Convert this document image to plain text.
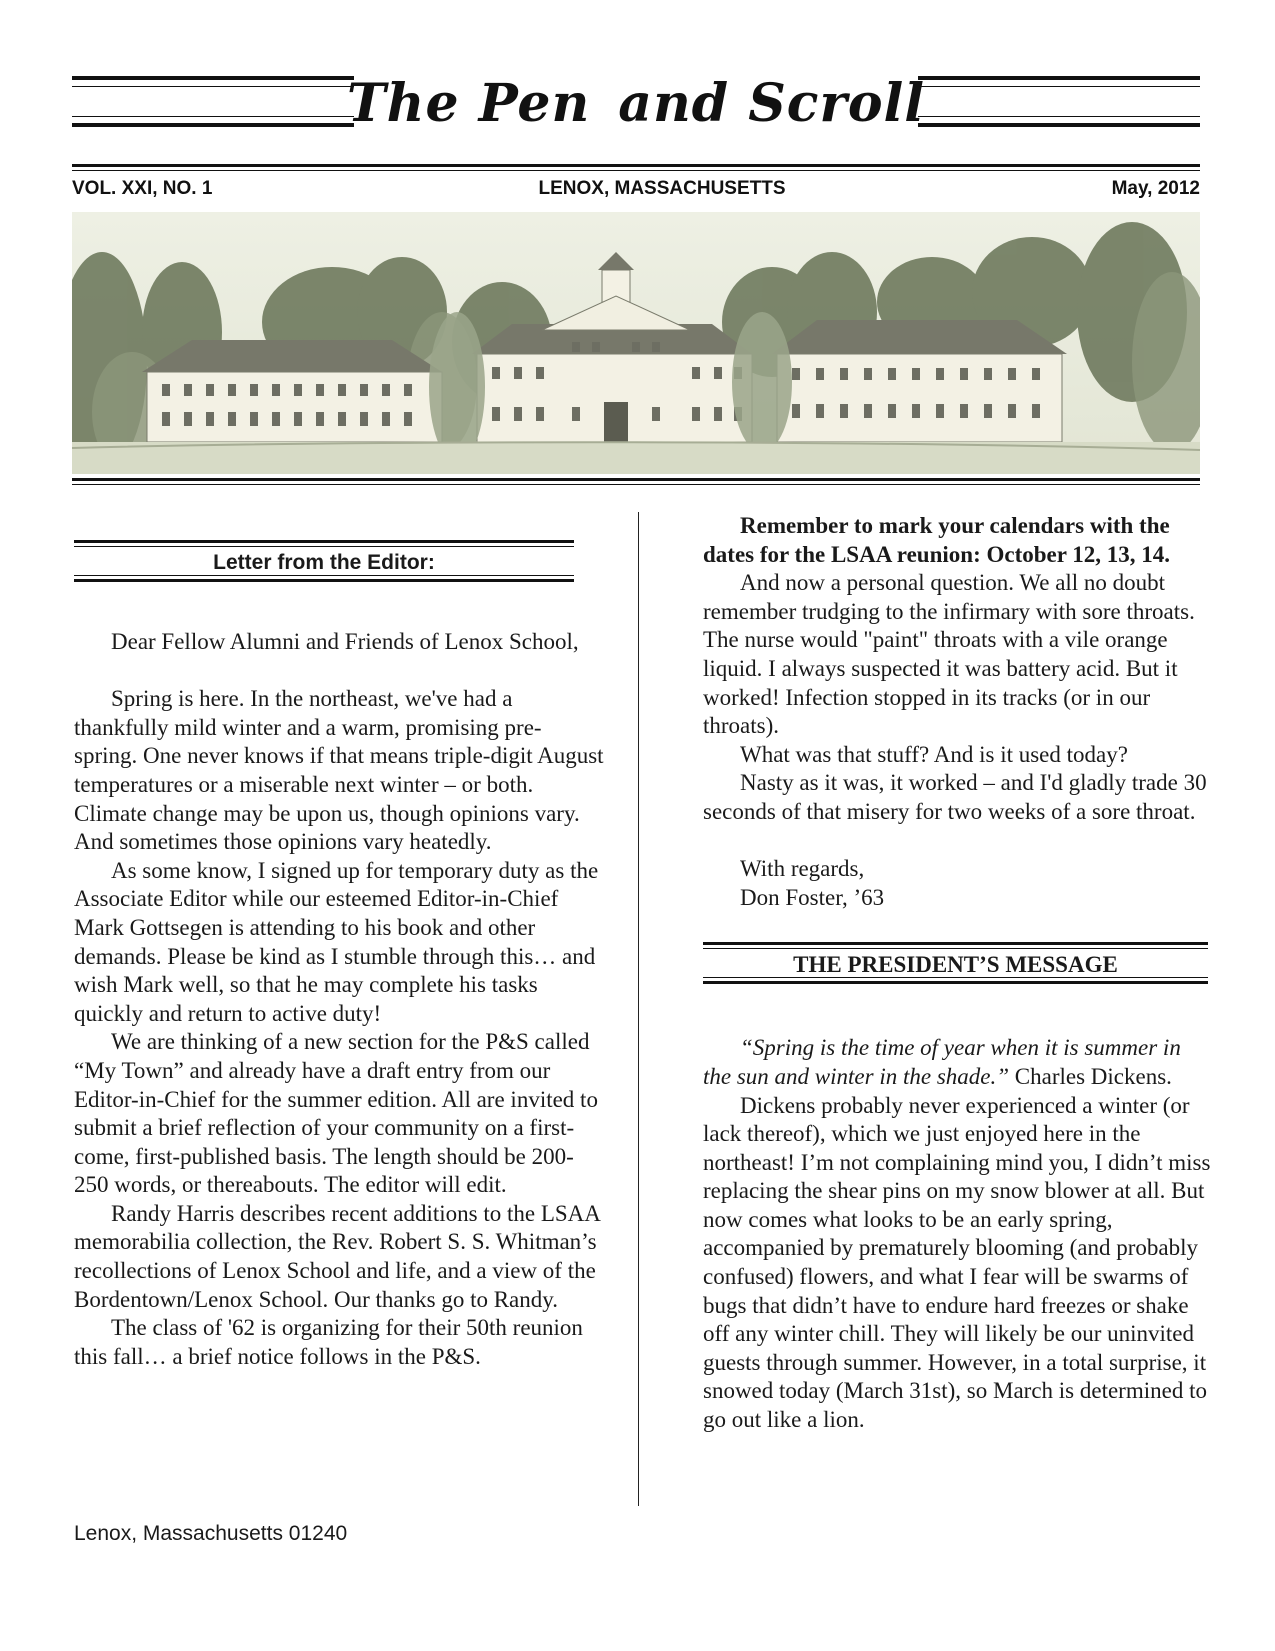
The Pen and Scroll
VOL. XXI, NO. 1	LENOX, MASSACHUSETTS	May, 2012
Letter from the Editor:

Dear Fellow Alumni and Friends of Lenox School,

Spring is here. In the northeast, we've had a thankfully mild winter and a warm, promising pre-spring. One never knows if that means triple-digit August temperatures or a miserable next winter – or both. Climate change may be upon us, though opinions vary. And sometimes those opinions vary heatedly.

As some know, I signed up for temporary duty as the Associate Editor while our esteemed Editor-in-Chief Mark Gottsegen is attending to his book and other demands. Please be kind as I stumble through this… and wish Mark well, so that he may complete his tasks quickly and return to active duty!

We are thinking of a new section for the P&S called “My Town” and already have a draft entry from our Editor-in-Chief for the summer edition. All are invited to submit a brief reflection of your community on a first-come, first-published basis. The length should be 200-250 words, or thereabouts. The editor will edit.

Randy Harris describes recent additions to the LSAA memorabilia collection, the Rev. Robert S. S. Whitman’s recollections of Lenox School and life, and a view of the Bordentown/Lenox School. Our thanks go to Randy.

The class of '62 is organizing for their 50th reunion this fall… a brief notice follows in the P&S.

Remember to mark your calendars with the dates for the LSAA reunion: October 12, 13, 14.

And now a personal question. We all no doubt remember trudging to the infirmary with sore throats. The nurse would "paint" throats with a vile orange liquid. I always suspected it was battery acid. But it worked! Infection stopped in its tracks (or in our throats).

What was that stuff? And is it used today?

Nasty as it was, it worked – and I'd gladly trade 30 seconds of that misery for two weeks of a sore throat.

With regards,

Don Foster, ’63

THE PRESIDENT’S MESSAGE

“Spring is the time of year when it is summer in the sun and winter in the shade.” Charles Dickens.

Dickens probably never experienced a winter (or lack thereof), which we just enjoyed here in the northeast! I’m not complaining mind you, I didn’t miss replacing the shear pins on my snow blower at all. But now comes what looks to be an early spring, accompanied by prematurely blooming (and probably confused) flowers, and what I fear will be swarms of bugs that didn’t have to endure hard freezes or shake off any winter chill. They will likely be our uninvited guests through summer. However, in a total surprise, it snowed today (March 31st), so March is determined to go out like a lion.

Lenox, Massachusetts 01240
